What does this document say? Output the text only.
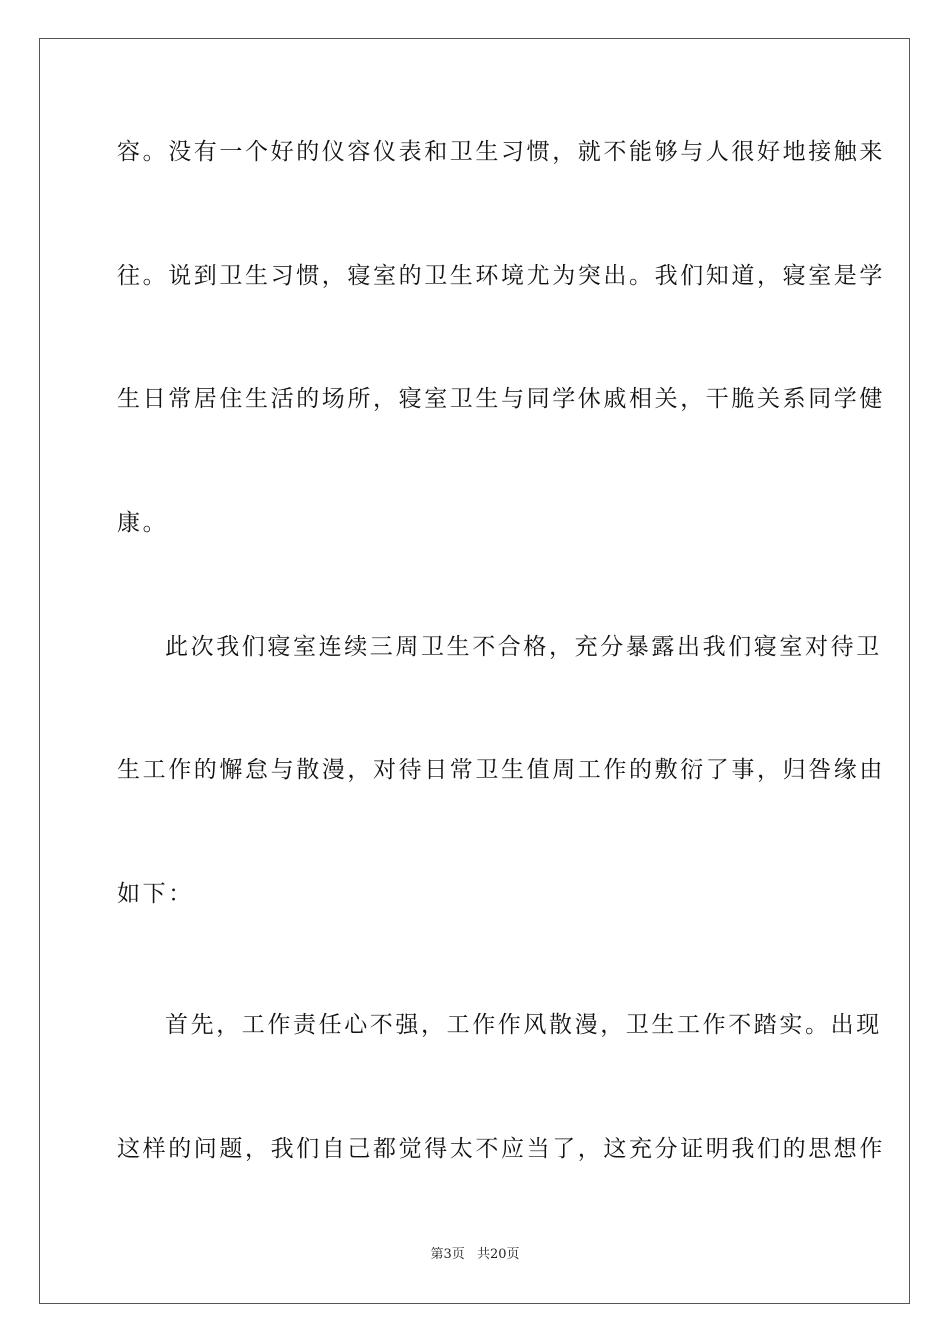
容。没有一个好的仪容仪表和卫生习惯，就不能够与人很好地接触来
往。说到卫生习惯，寝室的卫生环境尤为突出。我们知道，寝室是学
生日常居住生活的场所，寝室卫生与同学休戚相关，干脆关系同学健
康。
此次我们寝室连续三周卫生不合格，充分暴露出我们寝室对待卫
生工作的懈怠与散漫，对待日常卫生值周工作的敷衍了事，归咎缘由
如下：
首先，工作责任心不强，工作作风散漫，卫生工作不踏实。出现
这样的问题，我们自己都觉得太不应当了，这充分证明我们的思想作
第3页 共20页
